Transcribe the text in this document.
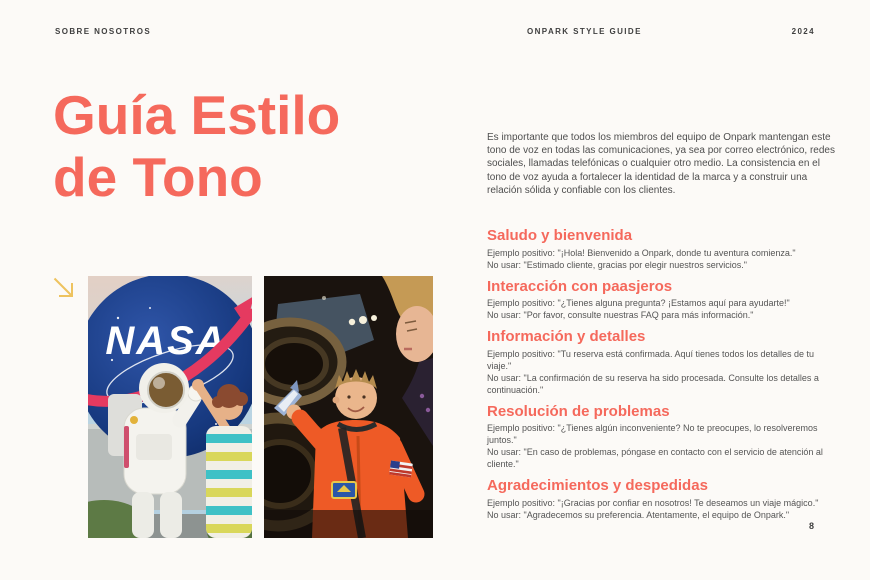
SOBRE NOSOTROS	ONPARK STYLE GUIDE	2024
Guía Estilo
de Tono
NASA

Es importante que todos los miembros del equipo de Onpark mantengan este tono de voz en todas las comunicaciones, ya sea por correo electrónico, redes sociales, llamadas telefónicas o cualquier otro medio. La consistencia en el tono de voz ayuda a fortalecer la identidad de la marca y a construir una relación sólida y confiable con los clientes.

Saludo y bienvenida

Ejemplo positivo: "¡Hola! Bienvenido a Onpark, donde tu aventura comienza."

No usar: "Estimado cliente, gracias por elegir nuestros servicios."

Interacción con paasjeros

Ejemplo positivo: "¿Tienes alguna pregunta? ¡Estamos aquí para ayudarte!"

No usar: "Por favor, consulte nuestras FAQ para más información."

Información y detalles

Ejemplo positivo: "Tu reserva está confirmada. Aquí tienes todos los detalles de tu viaje."

No usar: "La confirmación de su reserva ha sido procesada. Consulte los detalles a continuación."

Resolución de problemas

Ejemplo positivo: "¿Tienes algún inconveniente? No te preocupes, lo resolveremos juntos."

No usar: "En caso de problemas, póngase en contacto con el servicio de atención al cliente."

Agradecimientos y despedidas

Ejemplo positivo: "¡Gracias por confiar en nosotros! Te deseamos un viaje mágico."

No usar: "Agradecemos su preferencia. Atentamente, el equipo de Onpark."

8
